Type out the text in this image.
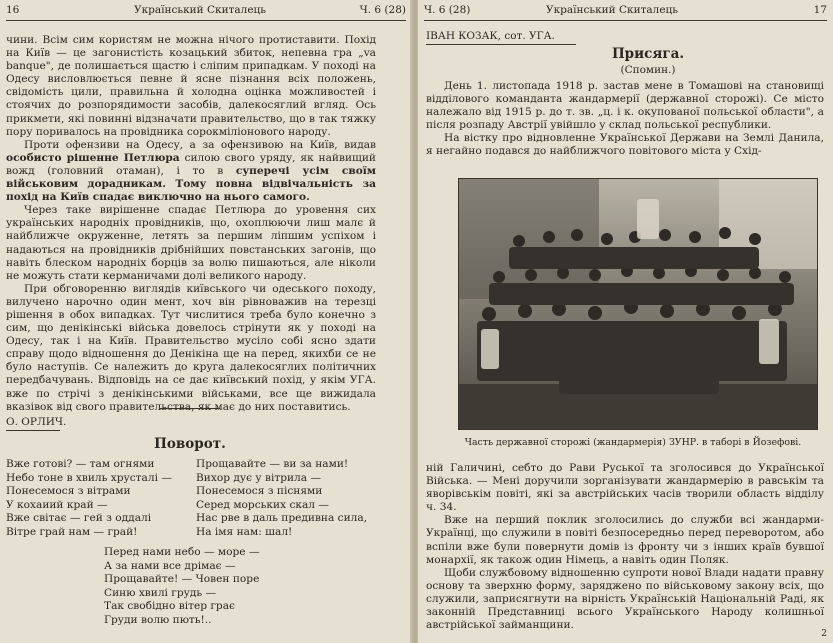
16	Український Скиталець	Ч. 6 (28)

чини. Всім сим користям не можна нічого протиставити. Похід на Київ — це загонистість козацький збиток, непевна гра „va banque", де полишається щастю і сліпим припадкам. У поході на Одесу висловлюється певне й ясне пізнання всіх положень, свідомість цили, правильна й холодна оцінка можливостей і стоячих до розпорядимости засобів, далекосяглий вгляд. Ось прикмети, які повинні відзначати правительство, що в так тяжку пору поривалось на провідника сорокміліонового народу.

Проти офензиви на Одесу, а за офензивою на Київ, видав особисто рішенне Петлюра силою свого уряду, як найвищий вожд (головний отаман), і то в суперечі усім своїм військовим дорадникам. Тому повна відвічальність за похід на Київ спадає виключно на нього самого.

Через таке вирішенне спадає Петлюра до уровення сих українських народніх провідників, що, охоплюючи лиш малє й найближче окруженне, летять за першим ліпшим успіхом і надаються на провідників дрібнійших повстанських загонів, що навіть блеском народніх борців за волю пишаються, але ніколи не можуть стати керманичами долі великого народу.

При обговоренню виглядів київського чи одеського походу, вилучено нарочно один мент, хоч він рівноважив на терезці рішення в обох випадках. Тут числитися треба було конечно з сим, що денікінські війська довелось стрінути як у поході на Одесу, так і на Київ. Правительство мусіло собі ясно здати справу щодо відношення до Денікіна ще на перед, якихби се не було наступів. Се належить до круга далекосяглих політичних передбачувань. Відповідь на се дає київський похід, у якім УГА. вже по стрічі з денікінськими військами, все ще вижидала вказівок від свого правительства, як має до них поставитись.

О. ОРЛИЧ.
Поворот.
Вже готові? — там огнями
Небо тоне в хвиль хрусталі —
Понесемося з вітрами
У кохаиий край —
Вже світає — гей з оддалі
Вітре грай нам — грай!
Прощавайте — ви за нами!
Вихор дує у вітрила —
Понесемося з піснями
Серед морських скал —
Нас рве в даль предивна сила,
На імя нам: шал!
Перед нами небо — море —
А за нами все дрімає —
Прощавайте! — Човен поре
Синю хвилі грудь —
Так свобідно вітер грає
Груди волю пють!..
Ч. 6 (28)	Український Скиталець	17
ІВАН КОЗАК, сот. УГА.
Присяга.
(Спомин.)

День 1. листопада 1918 р. застав мене в Томашові на становищі відділового команданта жандармерії (державної сторожі). Се місто належало від 1915 р. до т. зв. „ц. і к. окупованої польської области", а після розпаду Австрії увійшло у склад польської республики.

На вістку про відновленне Української Держави на Землі Данила, я негайно подався до найближчого повітового міста у Схід-

Часть державної сторожі (жандармерія) ЗУНР. в таборі в Йозефові.

ній Галичині, себто до Рави Руської та зголосився до Української Війська. — Мені доручили зорганізувати жандармерію в равськім та яворівськім повіті, які за австрійських часів творили область відділу ч. 34.

Вже на перший поклик зголосились до служби всі жандарми-Українці, що служили в повіті безпосередньо перед переворотом, або вспіли вже були повернути домів із фронту чи з інших країв бувшої монархії, як також один Німець, а навіть один Поляк.

Щоби службовому відношенню супроти нової Влади надати правну основу та зверхню форму, заряджено по військовому закону всіх, що служили, заприсягнути на вірність Українській Національній Раді, як законній Представниці всього Українського Народу колишньої австрійської займанщини.

2
